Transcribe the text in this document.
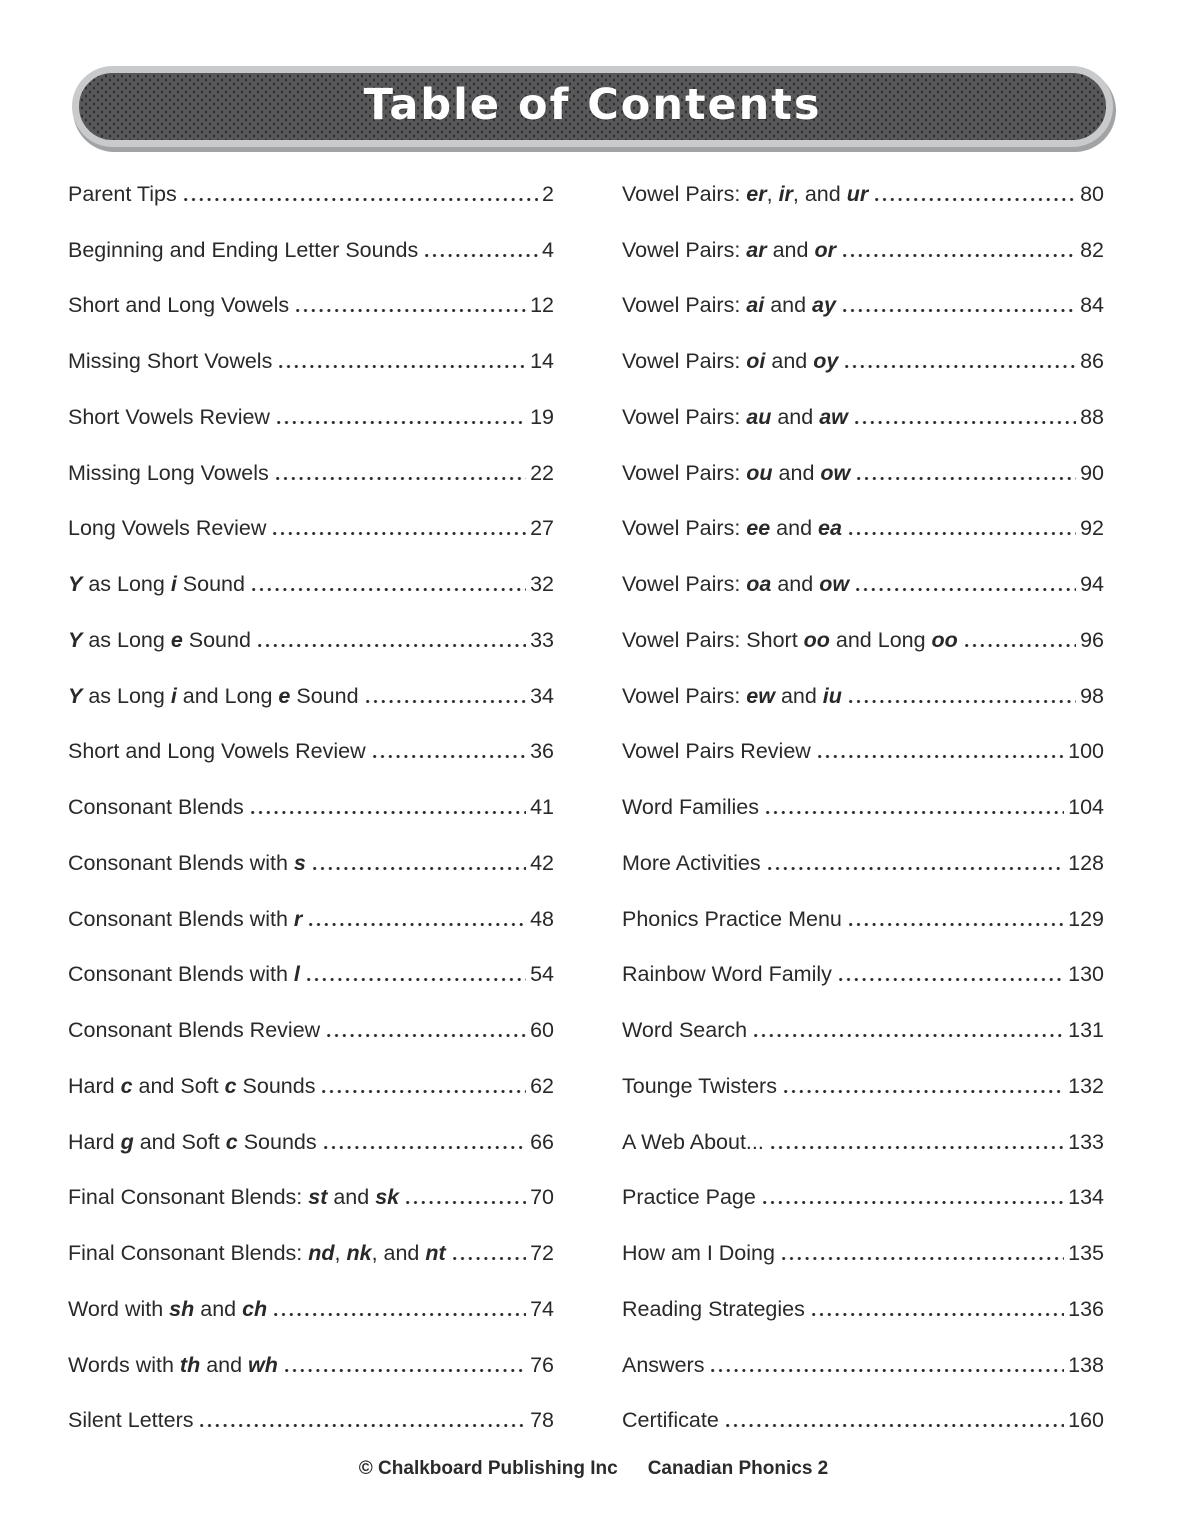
Table of Contents
Parent Tips	2
Beginning and Ending Letter Sounds	4
Short and Long Vowels	12
Missing Short Vowels	14
Short Vowels Review	19
Missing Long Vowels	22
Long Vowels Review	27
Y as Long i Sound	32
Y as Long e Sound	33
Y as Long i and Long e Sound	34
Short and Long Vowels Review	36
Consonant Blends	41
Consonant Blends with s	42
Consonant Blends with r	48
Consonant Blends with l	54
Consonant Blends Review	60
Hard c and Soft c Sounds	62
Hard g and Soft c Sounds	66
Final Consonant Blends: st and sk	70
Final Consonant Blends: nd, nk, and nt	72
Word with sh and ch	74
Words with th and wh	76
Silent Letters	78
Vowel Pairs: er, ir, and ur	80
Vowel Pairs: ar and or	82
Vowel Pairs: ai and ay	84
Vowel Pairs: oi and oy	86
Vowel Pairs: au and aw	88
Vowel Pairs: ou and ow	90
Vowel Pairs: ee and ea	92
Vowel Pairs: oa and ow	94
Vowel Pairs: Short oo and Long oo	96
Vowel Pairs: ew and iu	98
Vowel Pairs Review	100
Word Families	104
More Activities	128
Phonics Practice Menu	129
Rainbow Word Family	130
Word Search	131
Tounge Twisters	132
A Web About...	133
Practice Page	134
How am I Doing	135
Reading Strategies	136
Answers	138
Certificate	160
© Chalkboard Publishing Inc Canadian Phonics 2
